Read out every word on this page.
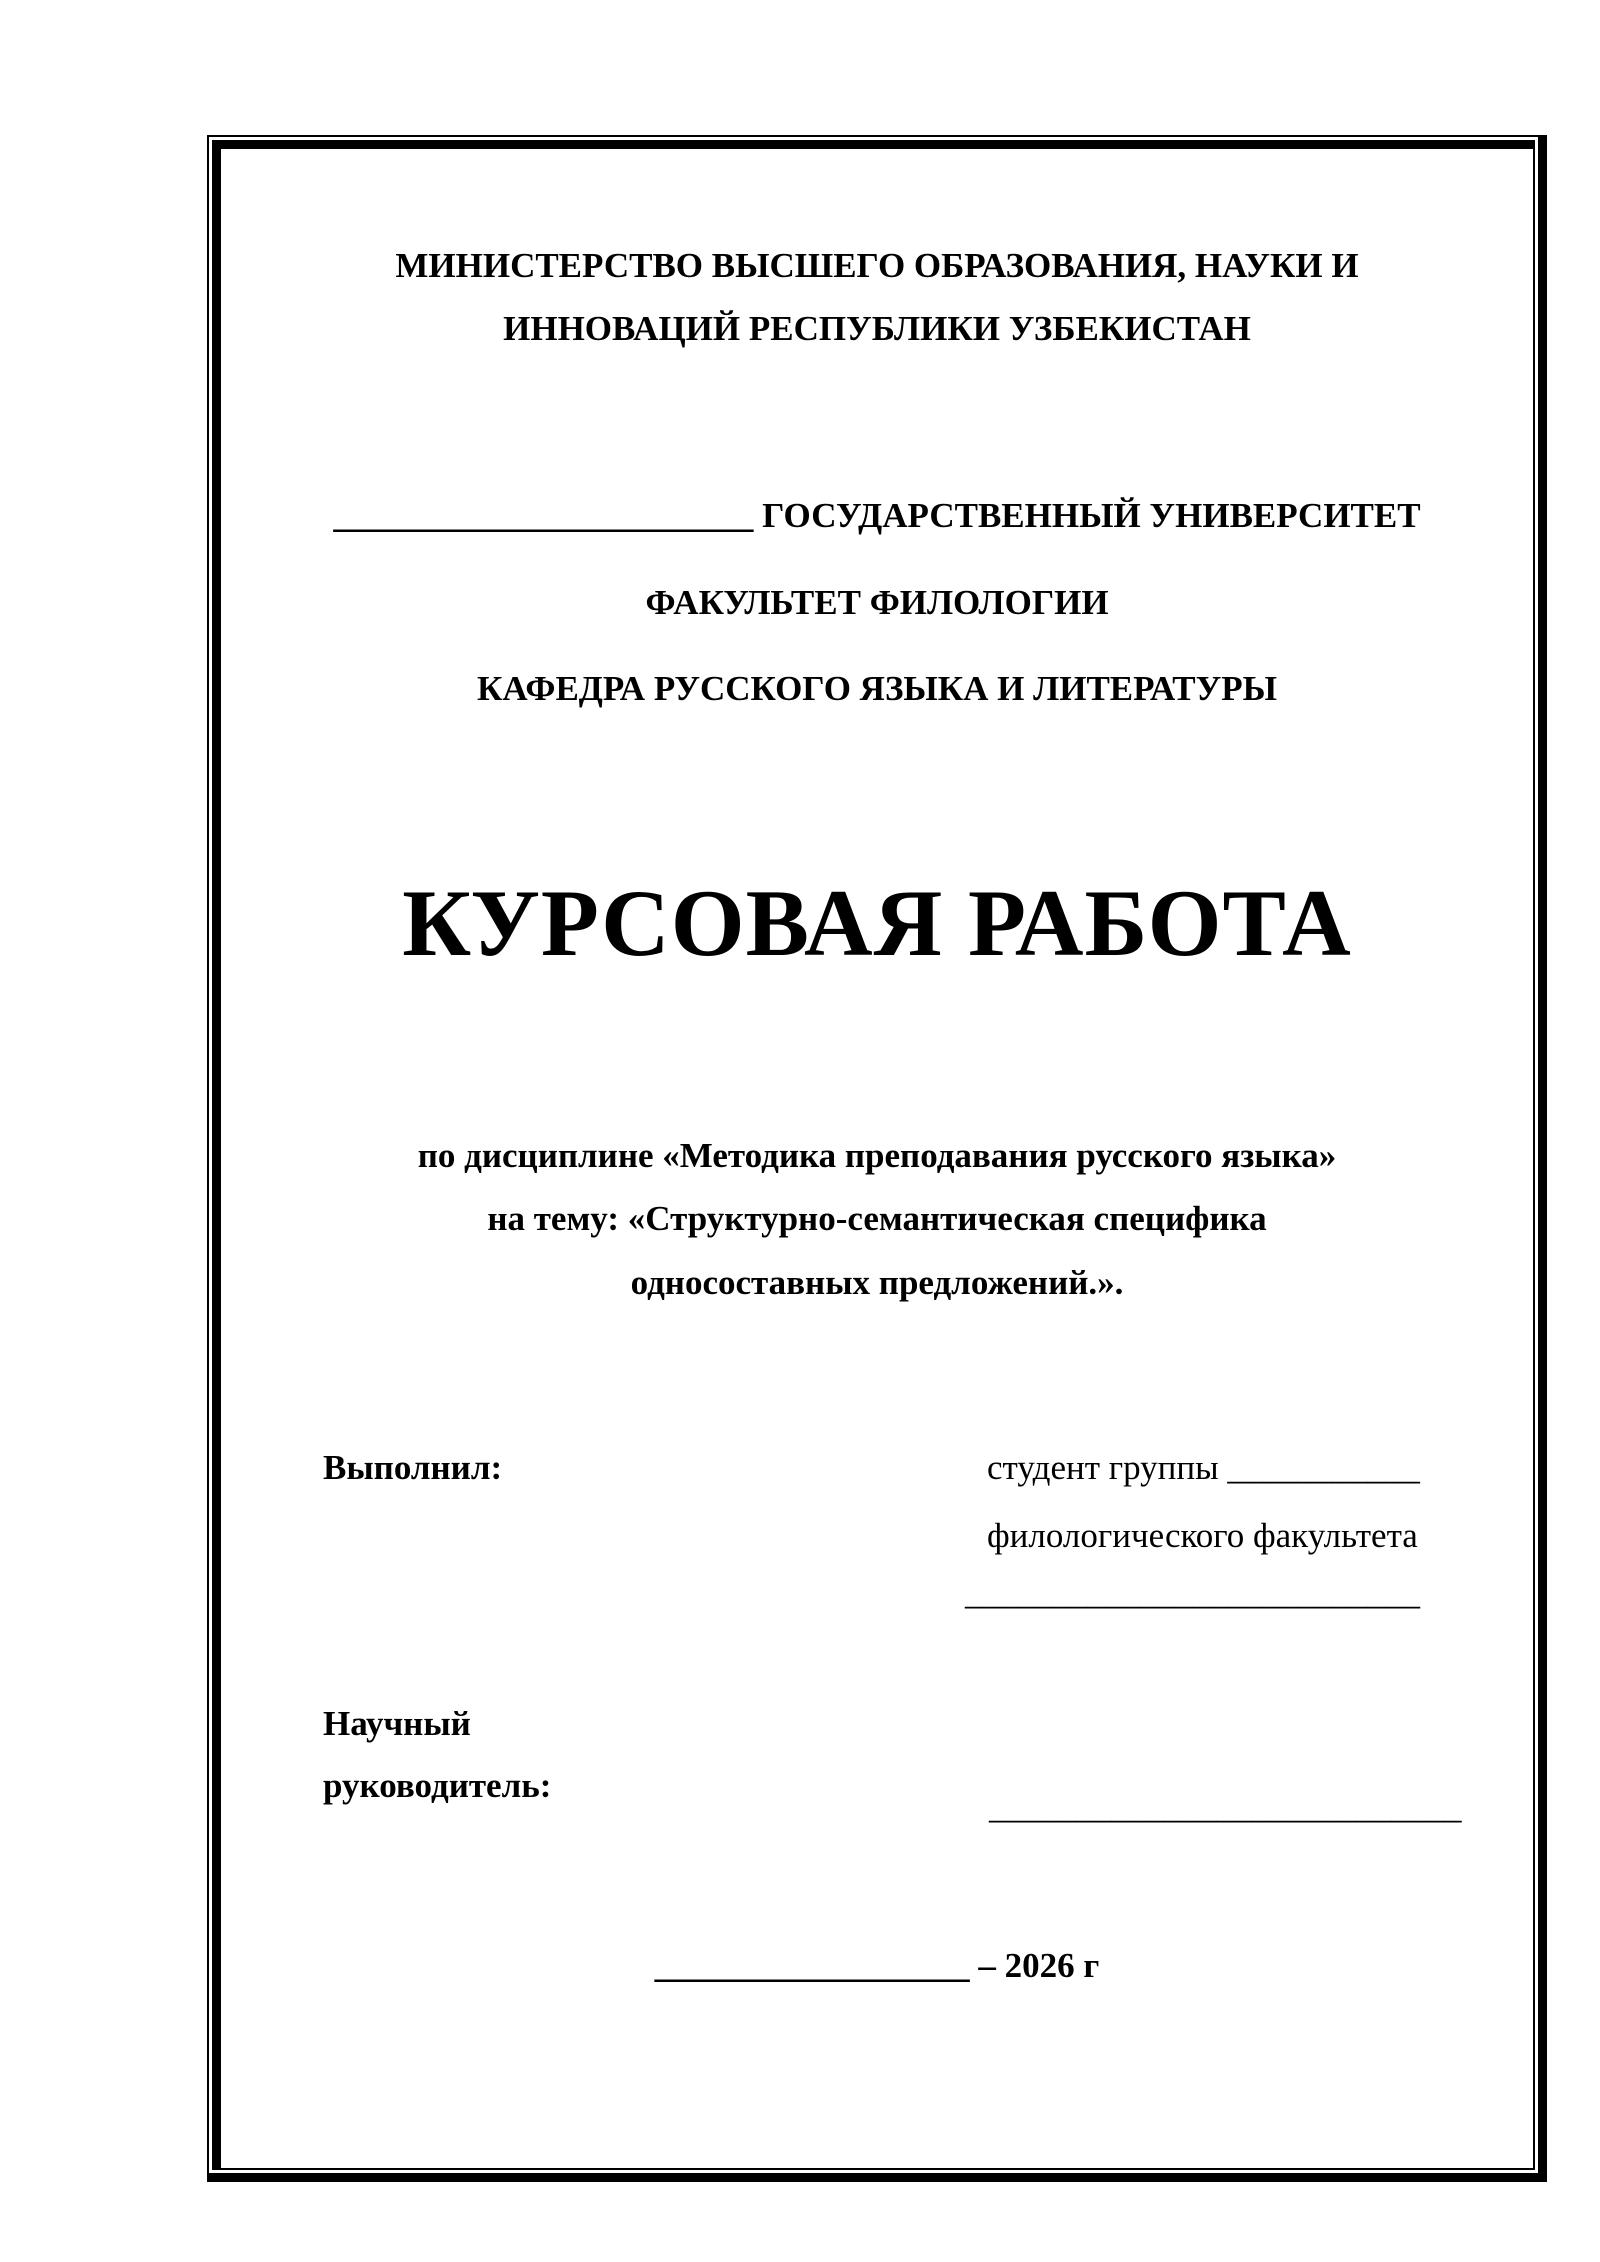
МИНИСТЕРСТВО ВЫСШЕГО ОБРАЗОВАНИЯ, НАУКИ И
ИННОВАЦИЙ РЕСПУБЛИКИ УЗБЕКИСТАН
________________________ ГОСУДАРСТВЕННЫЙ УНИВЕРСИТЕТ
ФАКУЛЬТЕТ ФИЛОЛОГИИ
КАФЕДРА РУССКОГО ЯЗЫКА И ЛИТЕРАТУРЫ
КУРСОВАЯ РАБОТА
по дисциплине «Методика преподавания русского языка»
на тему: «Структурно-семантическая специфика
односоставных предложений.».
Выполнил:	студент группы ___________
филологического факультета
__________________________
Научный
руководитель:
___________________________
__________________ – 2026 г
